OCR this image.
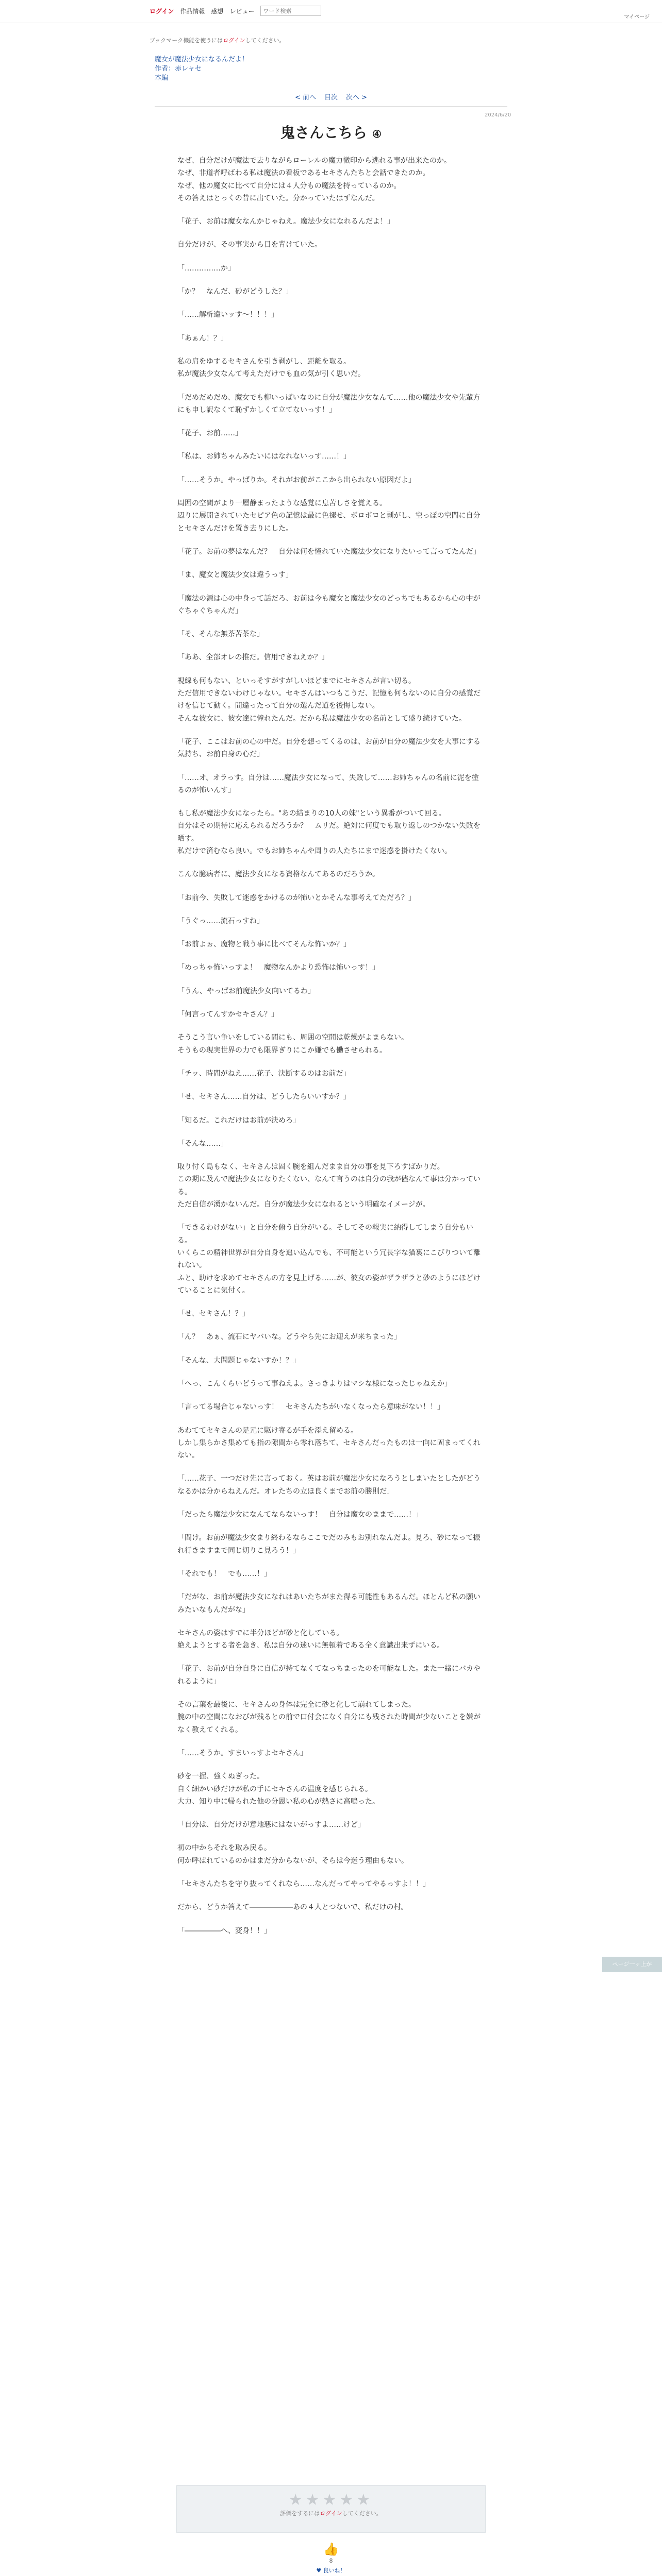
ログイン 作品情報 感想 レビュー
ワード検索
マイページ
ブックマーク機能を使うにはログインしてください。
魔女が魔法少女になるんだよ！
作者：赤レャセ
本編
< 前へ 目次 次へ >
2024/6/20
鬼さんこちら ④

なぜ、自分だけが魔法で去りながらローレルの魔力微印から逃れる事が出来たのか。
なぜ、非道者呼ばわる私は魔法の看板であるセキさんたちと会話できたのか。
なぜ、他の魔女に比べて自分には４人分もの魔法を持っているのか。
その答えはとっくの昔に出ていた。分かっていたはずなんだ。

「花子、お前は魔女なんかじゃねえ。魔法少女になれるんだよ！」

自分だけが、その事実から目を背けていた。

「……………か」

「か？　なんだ、砂がどうした？」

「……解析違いッす～！！！」

「あぁん！？」

私の肩をゆするセキさんを引き剥がし、距離を取る。
私が魔法少女なんて考えただけでも血の気が引く思いだ。

「だめだめだめ、魔女でも柳いっばいなのに自分が魔法少女なんて……他の魔法少女や先輩方にも申し訳なくて恥ずかしくて立てないっす！」

「花子、お前……」

「私は、お姉ちゃんみたいにはなれないっす……！」

「……そうか。やっぱりか。それがお前がここから出られない原因だよ」

周囲の空間がより一層静まったような感覚に息苦しさを覚える。
辺りに展開されていたセピア色の記憶は最に色褪せ、ボロボロと剥がし、空っぽの空間に自分とセキさんだけを置き去りにした。

「花子。お前の夢はなんだ？　自分は何を憧れていた魔法少女になりたいって言ってたんだ」

「ま、魔女と魔法少女は違うっす」

「魔法の源は心の中身って話だろ、お前は今も魔女と魔法少女のどっちでもあるから心の中がぐちゃぐちゃんだ」

「そ、そんな無茶苦茶な」

「ああ、全部オレの推だ。信用できねえか？」

視線も何もない、といっそすがすがしいほどまでにセキさんが言い切る。
ただ信用できないわけじゃない。セキさんはいつもこうだ、記憶も何もないのに自分の感覚だけを信じて動く。間違ったって自分の選んだ道を後悔しない。
そんな彼女に、彼女達に憧れたんだ。だから私は魔法少女の名前として盛り続けていた。

「花子、ここはお前の心の中だ。自分を想ってくるのは、お前が自分の魔法少女を大事にする気持ち、お前自身の心だ」

「……オ、オラっす。自分は……魔法少女になって、失敗して……お姉ちゃんの名前に泥を塗るのが怖いんす」

もし私が魔法少女になったら。"あの結まりの10人の妹"という異番がついて回る。
自分はその期待に応えられるだろうか？　ムリだ。絶対に何度でも取り返しのつかない失敗を晒す。
私だけで済むなら良い。でもお姉ちゃんや周りの人たちにまで迷惑を掛けたくない。

こんな臆病者に、魔法少女になる資格なんてあるのだろうか。

「お前今、失敗して迷惑をかけるのが怖いとかそんな事考えてただろ？」

「うぐっ……流石っすね」

「お前よぉ、魔物と戦う事に比べてそんな怖いか？」

「めっちゃ怖いっすよ！　魔物なんかより恐怖は怖いっす！」

「うん、やっぱお前魔法少女向いてるわ」

「何言ってんすかセキさん？」

そうこう言い争いをしている間にも、周囲の空間は乾燥がよまらない。
そうもの現実世界の力でも限界ぎりにこか嫌でも働させられる。

「チッ、時間がねえ……花子、決断するのはお前だ」

「せ、セキさん……自分は、どうしたらいいすか？」

「知るだ。これだけはお前が決めろ」

「そんな……」

取り付く島もなく、セキさんは固く腕を組んだまま自分の事を見下ろすばかりだ。
この期に及んで魔法少女になりたくない、なんて言うのは自分の我が儘なんて事は分かっている。
ただ自信が湧かないんだ。自分が魔法少女になれるという明確なイメージが。

「できるわけがない」と自分を俯う自分がいる。そしてその報実に納得してしまう自分もいる。
いくらこの精神世界が自分自身を追い込んでも、不可能という冗長字な猫裏にこびりついて離れない。
ふと、助けを求めてセキさんの方を見上げる……が、彼女の姿がザラザラと砂のようにほどけていることに気付く。

「せ、セキさん！？」

「ん？　あぁ、流石にヤバいな。どうやら先にお迎えが来ちまった」

「そんな、大問題じゃないすか！？」

「へっ、こんくらいどうって事ねえよ。さっきよりはマシな様になったじゃねえか」

「言ってる場合じゃないっす！　セキさんたちがいなくなったら意味がない！！」

あわててセキさんの足元に駆け寄るが手を添え留める。
しかし集らかさ集めても指の隙間から零れ落ちて、セキさんだったものは一向に固まってくれない。

「……花子、一つだけ先に言っておく。英はお前が魔法少女になろうとしまいたとしたがどうなるかは分からねえんだ。オレたちの立ほ良くまでお前の勝則だ」

「だったら魔法少女になんてならないっす！　自分は魔女のままで……！」

「間け。お前が魔法少女まり終わるならここでだのみもお別れなんだよ。見ろ、砂になって振れ行きますまで同じ切りこ見ろう！」

「それでも！　でも……！」

「だがな、お前が魔法少女になれはあいたちがまた得る可能性もあるんだ。ほとんど私の願いみたいなもんだがな」

セキさんの姿はすでに半分ほどが砂と化している。
絶えようとする者を急き、私は自分の迷いに無頓着である全く意識出来ずにいる。

「花子、お前が自分自身に自信が持てなくてなっちまったのを可能なした。また一緒にバカやれるように」

その言葉を最後に、セキさんの身体は完全に砂と化して崩れてしまった。
腕の中の空間になおびが残るとの前で口付会になく自分にも残された時間が少ないことを嫌がなく教えてくれる。

「……そうか。すまいっすよセキさん」

砂を一握、強くぬぎった。
自く細かい砂だけが私の手にセキさんの温度を感じられる。
大力、知り中に帰られた他の分恩い私の心が熱さに高鳴った。

「自分は、自分だけが意地悪にはないがっすよ……けど」

初の中からそれを取み戻る。
何か呼ばれているのかはまだ分からないが、そらは今迷う理由もない。

「セキさんたちを守り抜ってくれなら……なんだってやってやるっすよ！！」

だから、どうか答えて――――――あの４人とつないで、私だけの村。

「―――――へ、変身！！」

ページ一ヶ上が
★★★★★
評価をするにはログインしてください。
👍
8
♥ 良いね！
